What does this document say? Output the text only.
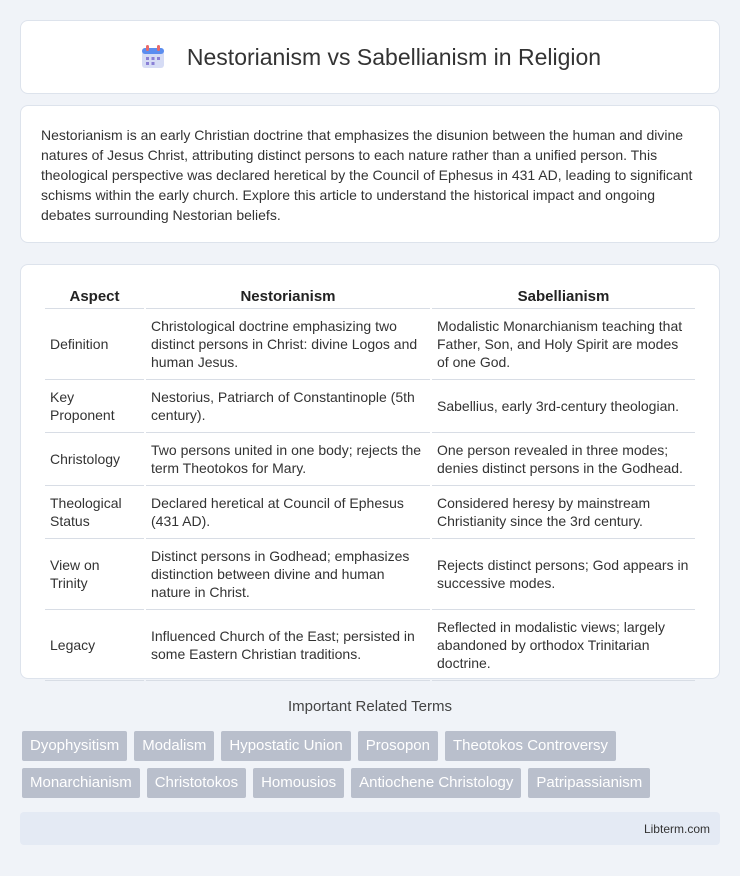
Nestorianism vs Sabellianism in Religion

Nestorianism is an early Christian doctrine that emphasizes the disunion between the human and divine natures of Jesus Christ, attributing distinct persons to each nature rather than a unified person. This theological perspective was declared heretical by the Council of Ephesus in 431 AD, leading to significant schisms within the early church. Explore this article to understand the historical impact and ongoing debates surrounding Nestorian beliefs.

Aspect	Nestorianism	Sabellianism
Definition	Christological doctrine emphasizing two distinct persons in Christ: divine Logos and human Jesus.	Modalistic Monarchianism teaching that Father, Son, and Holy Spirit are modes of one God.
Key Proponent	Nestorius, Patriarch of Constantinople (5th century).	Sabellius, early 3rd-century theologian.
Christology	Two persons united in one body; rejects the term Theotokos for Mary.	One person revealed in three modes; denies distinct persons in the Godhead.
Theological Status	Declared heretical at Council of Ephesus (431 AD).	Considered heresy by mainstream Christianity since the 3rd century.
View on Trinity	Distinct persons in Godhead; emphasizes distinction between divine and human nature in Christ.	Rejects distinct persons; God appears in successive modes.
Legacy	Influenced Church of the East; persisted in some Eastern Christian traditions.	Reflected in modalistic views; largely abandoned by orthodox Trinitarian doctrine.
Important Related Terms
Dyophysitism	Modalism	Hypostatic Union	Prosopon	Theotokos Controversy
Monarchianism	Christotokos	Homousios	Antiochene Christology	Patripassianism
Libterm.com
